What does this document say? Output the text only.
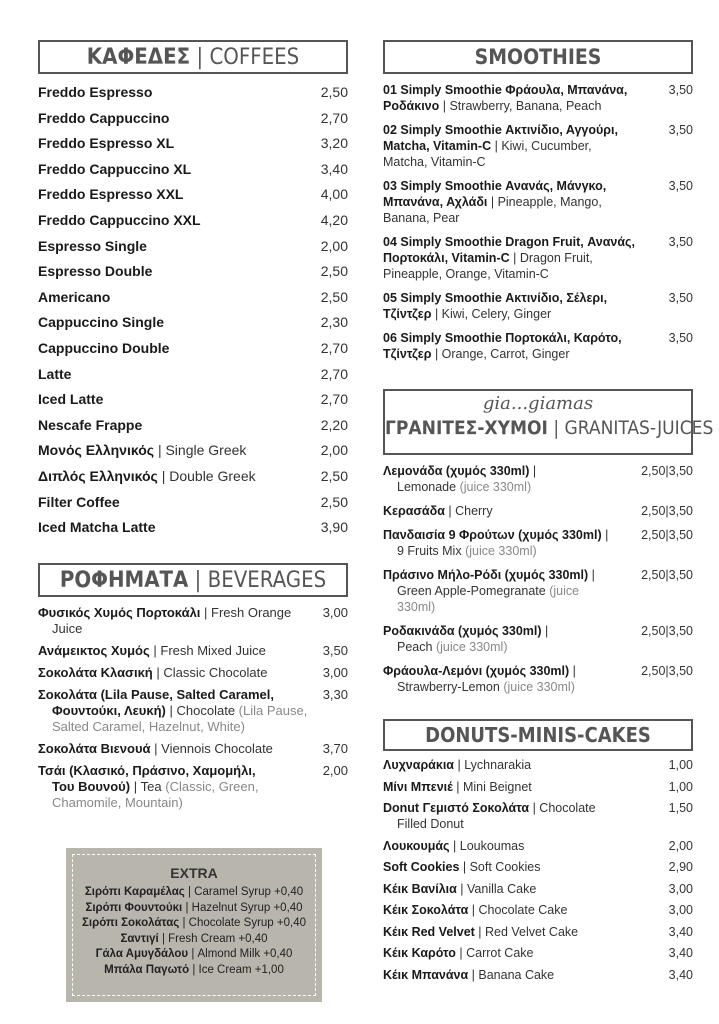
ΚΑΦΕΔΕΣ | COFFEES
Freddo Espresso	2,50
Freddo Cappuccino	2,70
Freddo Espresso XL	3,20
Freddo Cappuccino XL	3,40
Freddo Espresso XXL	4,00
Freddo Cappuccino XXL	4,20
Espresso Single	2,00
Espresso Double	2,50
Americano	2,50
Cappuccino Single	2,30
Cappuccino Double	2,70
Latte	2,70
Iced Latte	2,70
Nescafe Frappe	2,20
Μονός Ελληνικός | Single Greek	2,00
Διπλός Ελληνικός | Double Greek	2,50
Filter Coffee	2,50
Iced Matcha Latte	3,90
ΡΟΦΗΜΑΤΑ | BEVERAGES
Φυσικός Χυμός Πορτοκάλι | Fresh Orange
Juice
3,00
Ανάμεικτος Χυμός | Fresh Mixed Juice	3,50
Σοκολάτα Κλασική | Classic Chocolate	3,00
Σοκολάτα (Lila Pause, Salted Caramel,
Φουντούκι, Λευκή) | Chocolate (Lila Pause,
Salted Caramel, Hazelnut, White)
3,30
Σοκολάτα Βιενουά | Viennois Chocolate	3,70
Τσάι (Κλασικό, Πράσινο, Χαμομήλι,
Του Βουνού) | Tea (Classic, Green,
Chamomile, Mountain)
2,00
EXTRA
Σιρόπι Καραμέλας | Caramel Syrup +0,40
Σιρόπι Φουντούκι | Hazelnut Syrup +0,40
Σιρόπι Σοκολάτας | Chocolate Syrup +0,40
Σαντιγί | Fresh Cream +0,40
Γάλα Αμυγδάλου | Almond Milk +0,40
Μπάλα Παγωτό | Ice Cream +1,00
SMOOTHIES
01 Simply Smoothie Φράουλα, Μπανάνα,
Ροδάκινο | Strawberry, Banana, Peach
3,50
02 Simply Smoothie Ακτινίδιο, Αγγούρι,
Matcha, Vitamin-C | Kiwi, Cucumber,
Matcha, Vitamin-C
3,50
03 Simply Smoothie Ανανάς, Μάνγκο,
Μπανάνα, Αχλάδι | Pineapple, Mango,
Banana, Pear
3,50
04 Simply Smoothie Dragon Fruit, Ανανάς,
Πορτοκάλι, Vitamin-C | Dragon Fruit,
Pineapple, Orange, Vitamin-C
3,50
05 Simply Smoothie Ακτινίδιο, Σέλερι,
Τζίντζερ | Kiwi, Celery, Ginger
3,50
06 Simply Smoothie Πορτοκάλι, Καρότο,
Τζίντζερ | Orange, Carrot, Ginger
3,50
gia...giamas
ΓΡΑΝΙΤΕΣ-ΧΥΜΟΙ | GRANITAS-JUICES
Λεμονάδα (χυμός 330ml) |
Lemonade (juice 330ml)
2,50|3,50
Κερασάδα | Cherry	2,50|3,50
Πανδαισία 9 Φρούτων (χυμός 330ml) |
9 Fruits Mix (juice 330ml)
2,50|3,50
Πράσινο Μήλο-Ρόδι (χυμός 330ml) |
Green Apple-Pomegranate (juice
330ml)
2,50|3,50
Ροδακινάδα (χυμός 330ml) |
Peach (juice 330ml)
2,50|3,50
Φράουλα-Λεμόνι (χυμός 330ml) |
Strawberry-Lemon (juice 330ml)
2,50|3,50
DONUTS-MINIS-CAKES
Λυχναράκια | Lychnarakia	1,00
Μίνι Μπενιέ | Mini Beignet	1,00
Donut Γεμιστό Σοκολάτα | Chocolate
Filled Donut
1,50
Λουκουμάς | Loukoumas	2,00
Soft Cookies | Soft Cookies	2,90
Κέικ Βανίλια | Vanilla Cake	3,00
Κέικ Σοκολάτα | Chocolate Cake	3,00
Κέικ Red Velvet | Red Velvet Cake	3,40
Κέικ Καρότο | Carrot Cake	3,40
Κέικ Μπανάνα | Banana Cake	3,40
